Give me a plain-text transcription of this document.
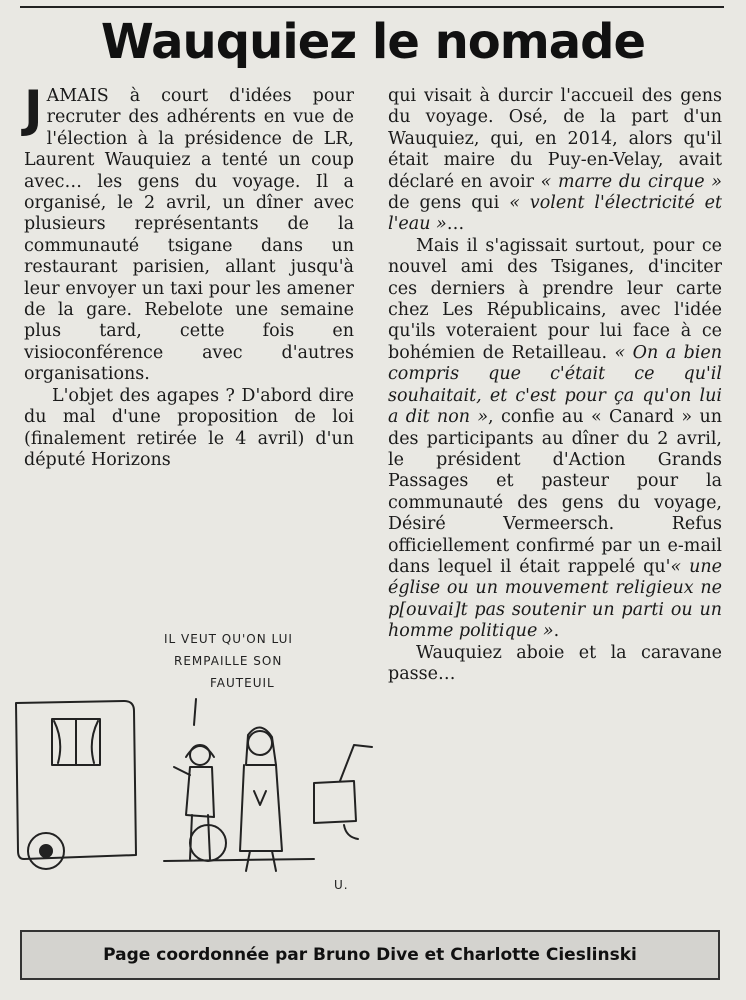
Wauquiez le nomade

JAMAIS à court d'idées pour recruter des adhérents en vue de l'élection à la présidence de LR, Laurent Wauquiez a tenté un coup avec… les gens du voyage. Il a organisé, le 2 avril, un dîner avec plusieurs représentants de la communauté tsigane dans un restaurant parisien, allant jusqu'à leur envoyer un taxi pour les amener de la gare. Rebelote une semaine plus tard, cette fois en visioconférence avec d'autres organisations.

L'objet des agapes ? D'abord dire du mal d'une proposition de loi (finalement retirée le 4 avril) d'un député Horizons

qui visait à durcir l'accueil des gens du voyage. Osé, de la part d'un Wauquiez, qui, en 2014, alors qu'il était maire du Puy-en-Velay, avait déclaré en avoir « marre du cirque » de gens qui « volent l'électricité et l'eau »…

Mais il s'agissait surtout, pour ce nouvel ami des Tsiganes, d'inciter ces derniers à prendre leur carte chez Les Républicains, avec l'idée qu'ils voteraient pour lui face à ce bohémien de Retailleau. « On a bien compris que c'était ce qu'il souhaitait, et c'est pour ça qu'on lui a dit non », confie au « Canard » un des participants au dîner du 2 avril, le président d'Action Grands Passages et pasteur pour la communauté des gens du voyage, Désiré Vermeersch. Refus officiellement confirmé par un e-mail dans lequel il était rappelé qu'« une église ou un mouvement religieux ne p[ouvai]t pas soutenir un parti ou un homme politique ».

Wauquiez aboie et la caravane passe…

IL VEUT QU'ON LUI
REMPAILLE SON
FAUTEUIL
U.
Page coordonnée par Bruno Dive et Charlotte Cieslinski
